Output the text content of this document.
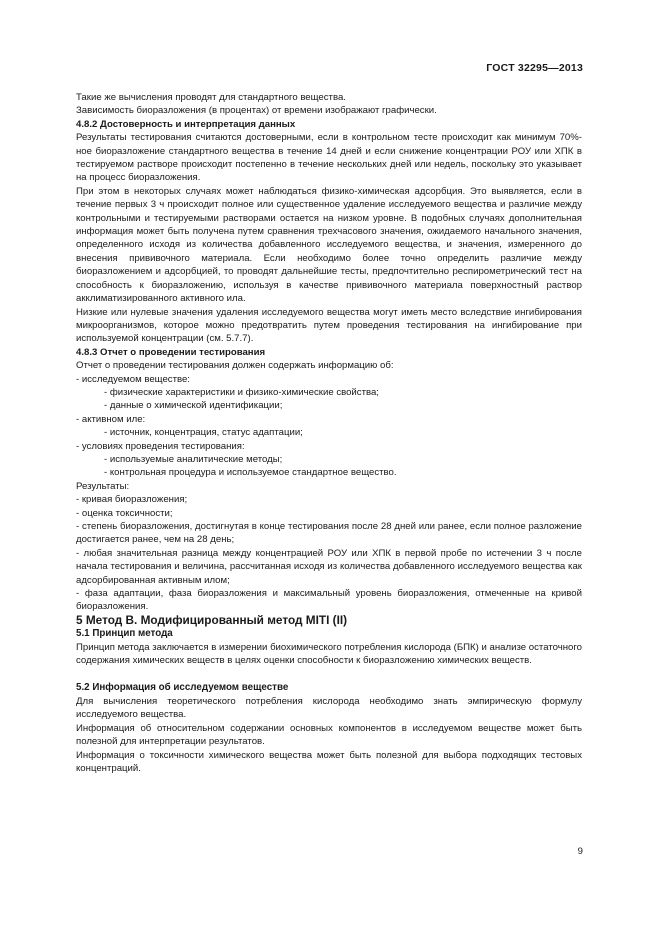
ГОСТ 32295—2013

Такие же вычисления проводят для стандартного вещества.

Зависимость биоразложения (в процентах) от времени изображают графически.

4.8.2 Достоверность и интерпретация данных

Результаты тестирования считаются достоверными, если в контрольном тесте происходит как минимум 70%-ное биоразложение стандартного вещества в течение 14 дней и если снижение концентрации РОУ или ХПК в тестируемом растворе происходит постепенно в течение нескольких дней или недель, поскольку это указывает на процесс биоразложения.

При этом в некоторых случаях может наблюдаться физико-химическая адсорбция. Это выявляется, если в течение первых 3 ч происходит полное или существенное удаление исследуемого вещества и различие между контрольными и тестируемыми растворами остается на низком уровне. В подобных случаях дополнительная информация может быть получена путем сравнения трехчасового значения, ожидаемого начального значения, определенного исходя из количества добавленного исследуемого вещества, и значения, измеренного до внесения прививочного материала. Если необходимо более точно определить различие между биоразложением и адсорбцией, то проводят дальнейшие тесты, предпочтительно респирометрический тест на способность к биоразложению, используя в качестве прививочного материала поверхностный раствор акклиматизированного активного ила.

Низкие или нулевые значения удаления исследуемого вещества могут иметь место вследствие ингибирования микроорганизмов, которое можно предотвратить путем проведения тестирования на ингибирование при используемой концентрации (см. 5.7.7).

4.8.3 Отчет о проведении тестирования

Отчет о проведении тестирования должен содержать информацию об:

- исследуемом веществе:

- физические характеристики и физико-химические свойства;

- данные о химической идентификации;

- активном иле:

- источник, концентрация, статус адаптации;

- условиях проведения тестирования:

- используемые аналитические методы;

- контрольная процедура и используемое стандартное вещество.

Результаты:

- кривая биоразложения;

- оценка токсичности;

- степень биоразложения, достигнутая в конце тестирования после 28 дней или ранее, если полное разложение достигается ранее, чем на 28 день;

- любая значительная разница между концентрацией РОУ или ХПК в первой пробе по истечении 3 ч после начала тестирования и величина, рассчитанная исходя из количества добавленного исследуемого вещества как адсорбированная активным илом;

- фаза адаптации, фаза биоразложения и максимальный уровень биоразложения, отмеченные на кривой биоразложения.

5 Метод В. Модифицированный метод MITI (II)

5.1 Принцип метода

Принцип метода заключается в измерении биохимического потребления кислорода (БПК) и анализе остаточного содержания химических веществ в целях оценки способности к биоразложению химических веществ.

5.2 Информация об исследуемом веществе

Для вычисления теоретического потребления кислорода необходимо знать эмпирическую формулу исследуемого вещества.

Информация об относительном содержании основных компонентов в исследуемом веществе может быть полезной для интерпретации результатов.

Информация о токсичности химического вещества может быть полезной для выбора подходящих тестовых концентраций.

9
